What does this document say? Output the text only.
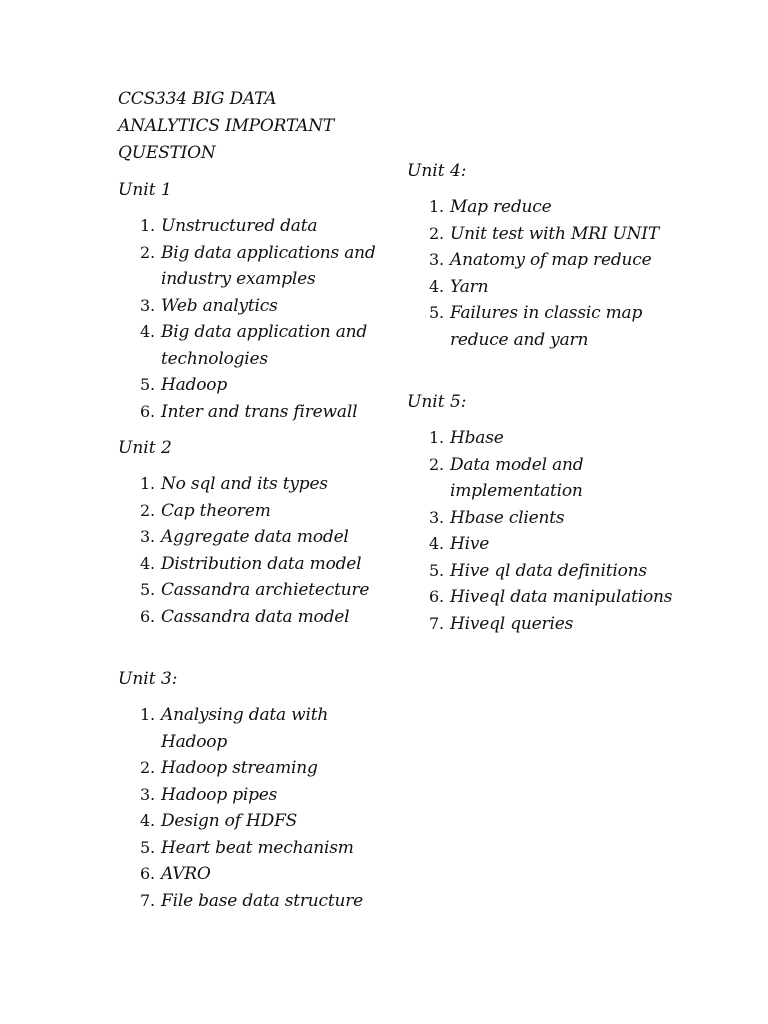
CCS334 BIG DATA ANALYTICS IMPORTANT QUESTION
Unit 1
1. Unstructured data
2. Big data applications and industry examples
3. Web analytics
4. Big data application and technologies
5. Hadoop
6. Inter and trans firewall
Unit 2
1. No sql and its types
2. Cap theorem
3. Aggregate data model
4. Distribution data model
5. Cassandra archietecture
6. Cassandra data model
Unit 3:
1. Analysing data with Hadoop
2. Hadoop streaming
3. Hadoop pipes
4. Design of HDFS
5. Heart beat mechanism
6. AVRO
7. File base data structure
Unit 4:
1. Map reduce
2. Unit test with MRI UNIT
3. Anatomy of map reduce
4. Yarn
5. Failures in classic map reduce and yarn
Unit 5:
1. Hbase
2. Data model and implementation
3. Hbase clients
4. Hive
5. Hive ql data definitions
6. Hiveql data manipulations
7. Hiveql queries
